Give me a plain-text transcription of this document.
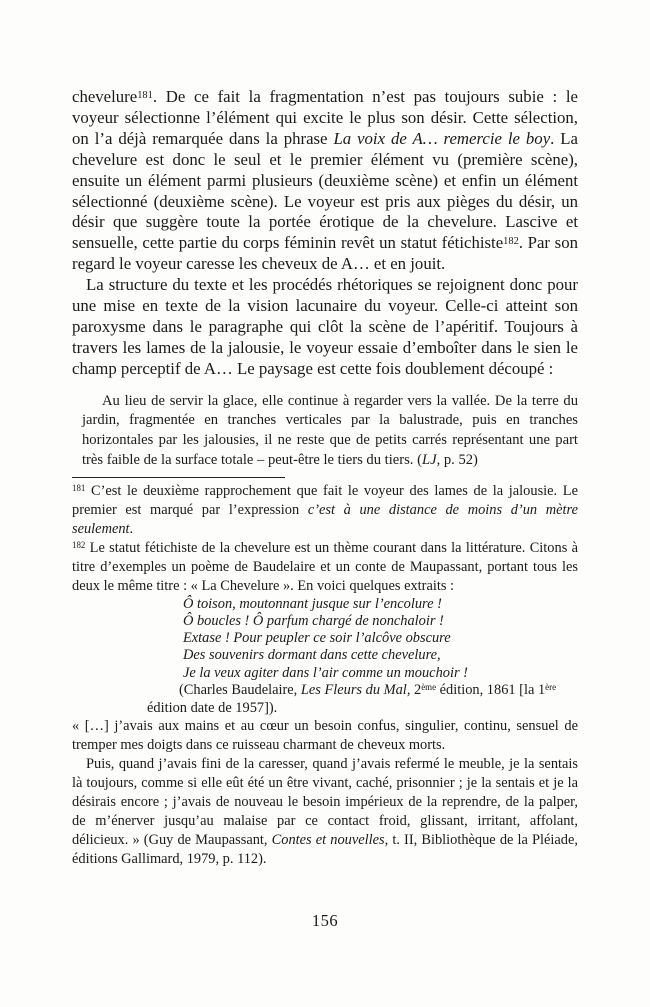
chevelure$^{181}$. De ce fait la fragmentation n’est pas toujours subie : le voyeur sélectionne l’élément qui excite le plus son désir. Cette sélection, on l’a déjà remarquée dans la phrase La voix de A… remercie le boy. La chevelure est donc le seul et le premier élément vu (première scène), ensuite un élément parmi plusieurs (deuxième scène) et enfin un élément sélectionné (deuxième scène). Le voyeur est pris aux pièges du désir, un désir que suggère toute la portée érotique de la chevelure. Lascive et sensuelle, cette partie du corps féminin revêt un statut fétichiste$^{182}$. Par son regard le voyeur caresse les cheveux de A… et en jouit.

La structure du texte et les procédés rhétoriques se rejoignent donc pour une mise en texte de la vision lacunaire du voyeur. Celle-ci atteint son paroxysme dans le paragraphe qui clôt la scène de l’apéritif. Toujours à travers les lames de la jalousie, le voyeur essaie d’emboîter dans le sien le champ perceptif de A… Le paysage est cette fois doublement découpé :

Au lieu de servir la glace, elle continue à regarder vers la vallée. De la terre du jardin, fragmentée en tranches verticales par la balustrade, puis en tranches horizontales par les jalousies, il ne reste que de petits carrés représentant une part très faible de la surface totale – peut-être le tiers du tiers. (LJ, p. 52)
$^{181}$ C’est le deuxième rapprochement que fait le voyeur des lames de la jalousie. Le premier est marqué par l’expression c’est à une distance de moins d’un mètre seulement.
$^{182}$ Le statut fétichiste de la chevelure est un thème courant dans la littérature. Citons à titre d’exemples un poème de Baudelaire et un conte de Maupassant, portant tous les deux le même titre : « La Chevelure ». En voici quelques extraits :
Ô toison, moutonnant jusque sur l’encolure !
Ô boucles ! Ô parfum chargé de nonchaloir !
Extase ! Pour peupler ce soir l’alcôve obscure
Des souvenirs dormant dans cette chevelure,
Je la veux agiter dans l’air comme un mouchoir !
(Charles Baudelaire, Les Fleurs du Mal, 2ème édition, 1861 [la 1ère édition date de 1957]).
« […] j’avais aux mains et au cœur un besoin confus, singulier, continu, sensuel de tremper mes doigts dans ce ruisseau charmant de cheveux morts.
Puis, quand j’avais fini de la caresser, quand j’avais refermé le meuble, je la sentais là toujours, comme si elle eût été un être vivant, caché, prisonnier ; je la sentais et je la désirais encore ; j’avais de nouveau le besoin impérieux de la reprendre, de la palper, de m’énerver jusqu’au malaise par ce contact froid, glissant, irritant, affolant, délicieux. » (Guy de Maupassant, Contes et nouvelles, t. II, Bibliothèque de la Pléiade, éditions Gallimard, 1979, p. 112).
156
